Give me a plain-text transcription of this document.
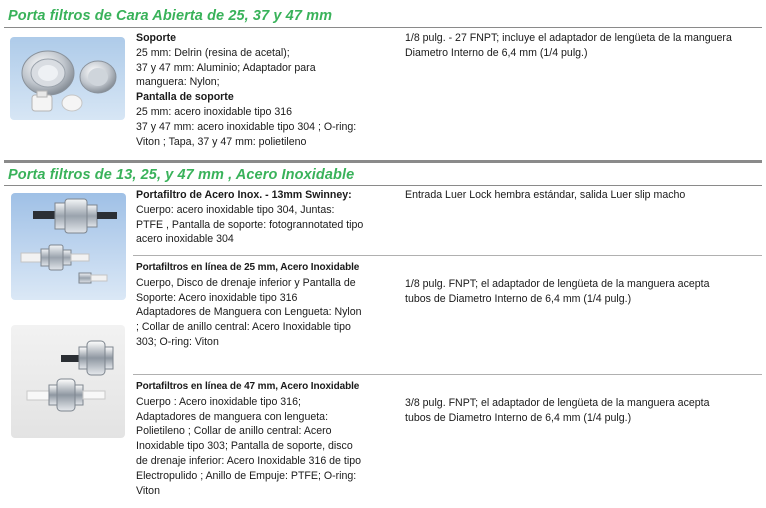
Porta filtros de Cara Abierta de 25, 37 y 47 mm

Soporte

25 mm: Delrin (resina de acetal);

37 y 47 mm: Aluminio; Adaptador para

manguera: Nylon;

Pantalla de soporte

25 mm: acero inoxidable tipo 316

37 y 47 mm: acero inoxidable tipo 304 ; O-ring:

Viton ; Tapa, 37 y 47 mm: polietileno

1/8 pulg. - 27 FNPT; incluye el adaptador de lengüeta de la manguera

Diametro Interno de 6,4 mm (1/4 pulg.)

Porta filtros de 13, 25, y 47 mm , Acero Inoxidable

Portafiltro de Acero Inox. - 13mm Swinney:

Cuerpo: acero inoxidable tipo 304, Juntas:

PTFE , Pantalla de soporte: fotogrannotated tipo

acero inoxidable 304

Entrada Luer Lock hembra estándar, salida Luer slip macho

Portafiltros en línea de 25 mm, Acero Inoxidable

Cuerpo, Disco de drenaje inferior y Pantalla de

Soporte: Acero inoxidable tipo 316

Adaptadores de Manguera con Lengueta: Nylon

; Collar de anillo central: Acero Inoxidable tipo

303; O-ring: Viton

1/8 pulg. FNPT; el adaptador de lengüeta de la manguera acepta

tubos de Diametro Interno de 6,4 mm (1/4 pulg.)

Portafiltros en línea de 47 mm, Acero Inoxidable

Cuerpo : Acero inoxidable tipo 316;

Adaptadores de manguera con lengueta:

Polietileno ; Collar de anillo central: Acero

Inoxidable tipo 303; Pantalla de soporte, disco

de drenaje inferior: Acero Inoxidable 316 de tipo

Electropulido ; Anillo de Empuje: PTFE; O-ring:

Viton

3/8 pulg. FNPT; el adaptador de lengüeta de la manguera acepta

tubos de Diametro Interno de 6,4 mm (1/4 pulg.)
